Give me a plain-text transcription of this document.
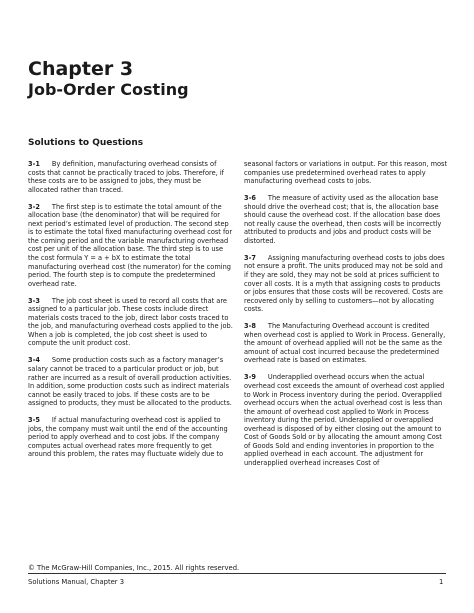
Chapter 3
Job-Order Costing
Solutions to Questions

3-1 By definition, manufacturing overhead consists of costs that cannot be practically traced to jobs. Therefore, if these costs are to be assigned to jobs, they must be allocated rather than traced.

3-2 The first step is to estimate the total amount of the allocation base (the denominator) that will be required for next period’s estimated level of production. The second step is to estimate the total fixed manufacturing overhead cost for the coming period and the variable manufacturing overhead cost per unit of the allocation base. The third step is to use the cost formula Y = a + bX to estimate the total manufacturing overhead cost (the numerator) for the coming period. The fourth step is to compute the predetermined overhead rate.

3-3 The job cost sheet is used to record all costs that are assigned to a particular job. These costs include direct materials costs traced to the job, direct labor costs traced to the job, and manufacturing overhead costs applied to the job. When a job is completed, the job cost sheet is used to compute the unit product cost.

3-4 Some production costs such as a factory manager’s salary cannot be traced to a particular product or job, but rather are incurred as a result of overall production activities. In addition, some production costs such as indirect materials cannot be easily traced to jobs. If these costs are to be assigned to products, they must be allocated to the products.

3-5 If actual manufacturing overhead cost is applied to jobs, the company must wait until the end of the accounting period to apply overhead and to cost jobs. If the company computes actual overhead rates more frequently to get around this problem, the rates may fluctuate widely due to

seasonal factors or variations in output. For this reason, most companies use predetermined overhead rates to apply manufacturing overhead costs to jobs.

3-6 The measure of activity used as the allocation base should drive the overhead cost; that is, the allocation base should cause the overhead cost. If the allocation base does not really cause the overhead, then costs will be incorrectly attributed to products and jobs and product costs will be distorted.

3-7 Assigning manufacturing overhead costs to jobs does not ensure a profit. The units produced may not be sold and if they are sold, they may not be sold at prices sufficient to cover all costs. It is a myth that assigning costs to products or jobs ensures that those costs will be recovered. Costs are recovered only by selling to customers—not by allocating costs.

3-8 The Manufacturing Overhead account is credited when overhead cost is applied to Work in Process. Generally, the amount of overhead applied will not be the same as the amount of actual cost incurred because the predetermined overhead rate is based on estimates.

3-9 Underapplied overhead occurs when the actual overhead cost exceeds the amount of overhead cost applied to Work in Process inventory during the period. Overapplied overhead occurs when the actual overhead cost is less than the amount of overhead cost applied to Work in Process inventory during the period. Underapplied or overapplied overhead is disposed of by either closing out the amount to Cost of Goods Sold or by allocating the amount among Cost of Goods Sold and ending inventories in proportion to the applied overhead in each account. The adjustment for underapplied overhead increases Cost of

© The McGraw-Hill Companies, Inc., 2015. All rights reserved.

Solutions Manual, Chapter 3	1
